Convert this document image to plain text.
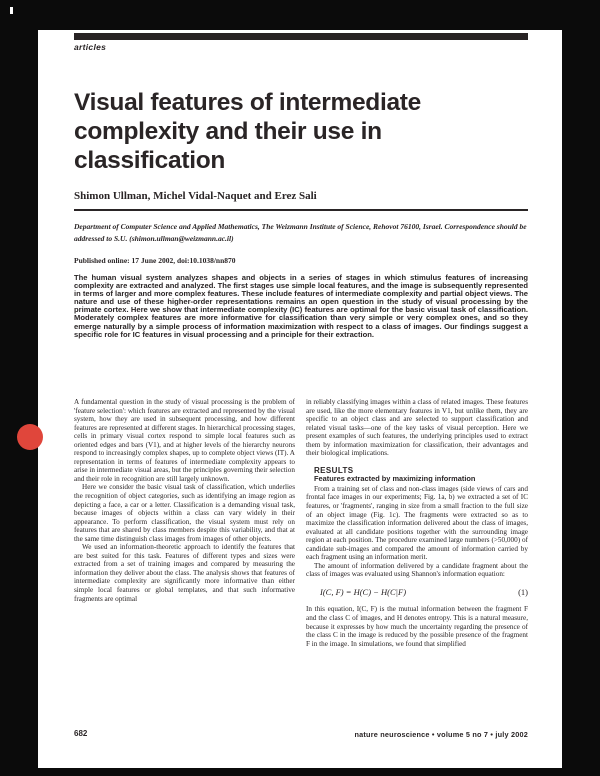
articles
Visual features of intermediate
complexity and their use in
classification
Shimon Ullman, Michel Vidal-Naquet and Erez Sali
Department of Computer Science and Applied Mathematics, The Weizmann Institute of Science, Rehovot 76100, Israel. Correspondence should be addressed to S.U. (shimon.ullman@weizmann.ac.il)
Published online: 17 June 2002, doi:10.1038/nn870
The human visual system analyzes shapes and objects in a series of stages in which stimulus features of increasing complexity are extracted and analyzed. The first stages use simple local features, and the image is subsequently represented in terms of larger and more complex features. These include features of intermediate complexity and partial object views. The nature and use of these higher-order representations remains an open question in the study of visual processing by the primate cortex. Here we show that intermediate complexity (IC) features are optimal for the basic visual task of classification. Moderately complex features are more informative for classification than very simple or very complex ones, and so they emerge naturally by a simple process of information maximization with respect to a class of images. Our findings suggest a specific role for IC features in visual processing and a principle for their extraction.

A fundamental question in the study of visual processing is the problem of 'feature selection': which features are extracted and represented by the visual system, how they are used in subsequent processing, and how different features are represented at different stages. In hierarchical processing stages, cells in primary visual cortex respond to simple local features such as oriented edges and bars (V1), and at higher levels of the hierarchy neurons respond to increasingly complex shapes, up to complete object views (IT). A representation in terms of features of intermediate complexity appears to arise in intermediate visual areas, but the principles governing their selection and their role in recognition are still largely unknown.

Here we consider the basic visual task of classification, which underlies the recognition of object categories, such as identifying an image region as depicting a face, a car or a letter. Classification is a demanding visual task, because images of objects within a class can vary widely in their appearance. To perform classification, the visual system must rely on features that are shared by class members despite this variability, and that at the same time distinguish class images from images of other objects.

We used an information-theoretic approach to identify the features that are best suited for this task. Features of different types and sizes were extracted from a set of training images and compared by measuring the information they deliver about the class. The analysis shows that features of intermediate complexity are significantly more informative than either simple local features or global templates, and that such informative fragments are optimal

in reliably classifying images within a class of related images. These features are used, like the more elementary features in V1, but unlike them, they are specific to an object class and are selected to support classification and related visual tasks—one of the key tasks of visual perception. Here we present examples of such features, the underlying principles used to extract them by information maximization for classification, their advantages and their biological implications.

RESULTS

Features extracted by maximizing information

From a training set of class and non-class images (side views of cars and frontal face images in our experiments; Fig. 1a, b) we extracted a set of IC features, or 'fragments', ranging in size from a small fraction to the full size of an object image (Fig. 1c). The fragments were extracted so as to maximize the classification information delivered about the class of images, evaluated at all candidate positions together with the surrounding image region at each position. The procedure examined large numbers (>50,000) of candidate sub-images and compared the amount of information carried by each fragment using an information merit.

The amount of information delivered by a candidate fragment about the class of images was evaluated using Shannon's information equation:

I(C, F) = H(C) − H(C|F)	(1)

In this equation, I(C, F) is the mutual information between the fragment F and the class C of images, and H denotes entropy. This is a natural measure, because it expresses by how much the uncertainty regarding the presence of the class C in the image is reduced by the possible presence of the fragment F in the image. In simulations, we found that simplified

682	nature neuroscience • volume 5 no 7 • july 2002
